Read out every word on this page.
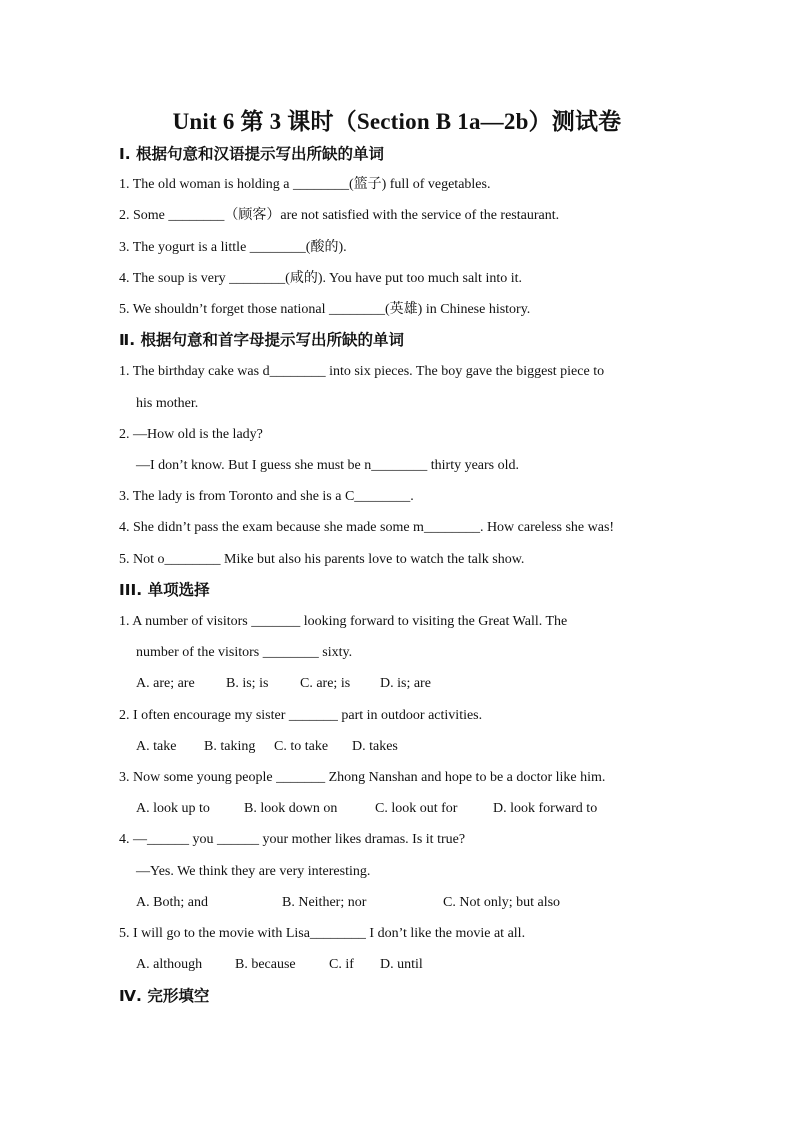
Unit 6 第 3 课时（Section B 1a—2b）测试卷
Ⅰ. 根据句意和汉语提示写出所缺的单词
1. The old woman is holding a ________(篮子) full of vegetables.
2. Some ________（顾客）are not satisfied with the service of the restaurant.
3. The yogurt is a little ________(酸的).
4. The soup is very ________(咸的). You have put too much salt into it.
5. We shouldn’t forget those national ________(英雄) in Chinese history.
Ⅱ. 根据句意和首字母提示写出所缺的单词
1. The birthday cake was d________ into six pieces. The boy gave the biggest piece to
his mother.
2. —How old is the lady?
—I don’t know. But I guess she must be n________ thirty years old.
3. The lady is from Toronto and she is a C________.
4. She didn’t pass the exam because she made some m________. How careless she was!
5. Not o________ Mike but also his parents love to watch the talk show.
III. 单项选择
1. A number of visitors _______ looking forward to visiting the Great Wall. The
number of the visitors ________ sixty.
A. are; are B. is; is C. are; is D. is; are
2. I often encourage my sister _______ part in outdoor activities.
A. take B. taking C. to take D. takes
3. Now some young people _______ Zhong Nanshan and hope to be a doctor like him.
A. look up to B. look down on	C. look out for	D. look forward to
4. —______ you ______ your mother likes dramas. Is it true?
—Yes. We think they are very interesting.
A. Both; and	B. Neither; nor	C. Not only; but also
5. I will go to the movie with Lisa________ I don’t like the movie at all.
A. although B. because C. if D. until
Ⅳ. 完形填空
